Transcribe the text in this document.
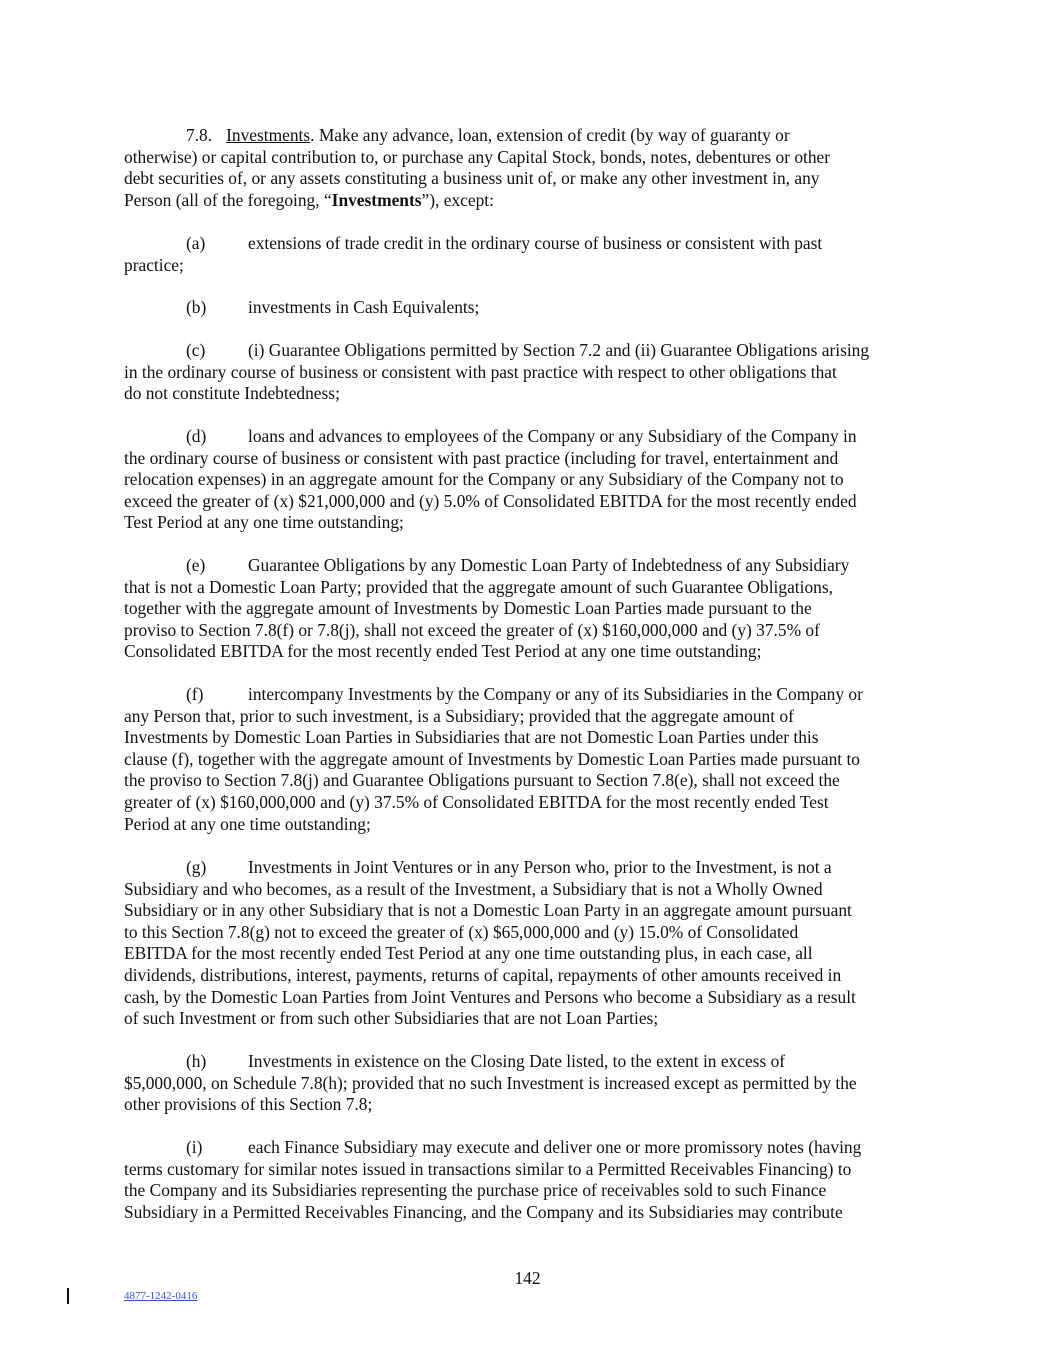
7.8. Investments. Make any advance, loan, extension of credit (by way of guaranty or
otherwise) or capital contribution to, or purchase any Capital Stock, bonds, notes, debentures or other
debt securities of, or any assets constituting a business unit of, or make any other investment in, any
Person (all of the foregoing, “Investments”), except:
(a) extensions of trade credit in the ordinary course of business or consistent with past
practice;
(b) investments in Cash Equivalents;
(c) (i) Guarantee Obligations permitted by Section 7.2 and (ii) Guarantee Obligations arising
in the ordinary course of business or consistent with past practice with respect to other obligations that
do not constitute Indebtedness;
(d) loans and advances to employees of the Company or any Subsidiary of the Company in
the ordinary course of business or consistent with past practice (including for travel, entertainment and
relocation expenses) in an aggregate amount for the Company or any Subsidiary of the Company not to
exceed the greater of (x) $21,000,000 and (y) 5.0% of Consolidated EBITDA for the most recently ended
Test Period at any one time outstanding;
(e) Guarantee Obligations by any Domestic Loan Party of Indebtedness of any Subsidiary
that is not a Domestic Loan Party; provided that the aggregate amount of such Guarantee Obligations,
together with the aggregate amount of Investments by Domestic Loan Parties made pursuant to the
proviso to Section 7.8(f) or 7.8(j), shall not exceed the greater of (x) $160,000,000 and (y) 37.5% of
Consolidated EBITDA for the most recently ended Test Period at any one time outstanding;
(f)	intercompany Investments by the Company or any of its Subsidiaries in the Company or
any Person that, prior to such investment, is a Subsidiary; provided that the aggregate amount of
Investments by Domestic Loan Parties in Subsidiaries that are not Domestic Loan Parties under this
clause (f), together with the aggregate amount of Investments by Domestic Loan Parties made pursuant to
the proviso to Section 7.8(j) and Guarantee Obligations pursuant to Section 7.8(e), shall not exceed the
greater of (x) $160,000,000 and (y) 37.5% of Consolidated EBITDA for the most recently ended Test
Period at any one time outstanding;
(g) Investments in Joint Ventures or in any Person who, prior to the Investment, is not a
Subsidiary and who becomes, as a result of the Investment, a Subsidiary that is not a Wholly Owned
Subsidiary or in any other Subsidiary that is not a Domestic Loan Party in an aggregate amount pursuant
to this Section 7.8(g) not to exceed the greater of (x) $65,000,000 and (y) 15.0% of Consolidated
EBITDA for the most recently ended Test Period at any one time outstanding plus, in each case, all
dividends, distributions, interest, payments, returns of capital, repayments of other amounts received in
cash, by the Domestic Loan Parties from Joint Ventures and Persons who become a Subsidiary as a result
of such Investment or from such other Subsidiaries that are not Loan Parties;
(h) Investments in existence on the Closing Date listed, to the extent in excess of
$5,000,000, on Schedule 7.8(h); provided that no such Investment is increased except as permitted by the
other provisions of this Section 7.8;
(i)	each Finance Subsidiary may execute and deliver one or more promissory notes (having
terms customary for similar notes issued in transactions similar to a Permitted Receivables Financing) to
the Company and its Subsidiaries representing the purchase price of receivables sold to such Finance
Subsidiary in a Permitted Receivables Financing, and the Company and its Subsidiaries may contribute
142
4877-1242-0416
